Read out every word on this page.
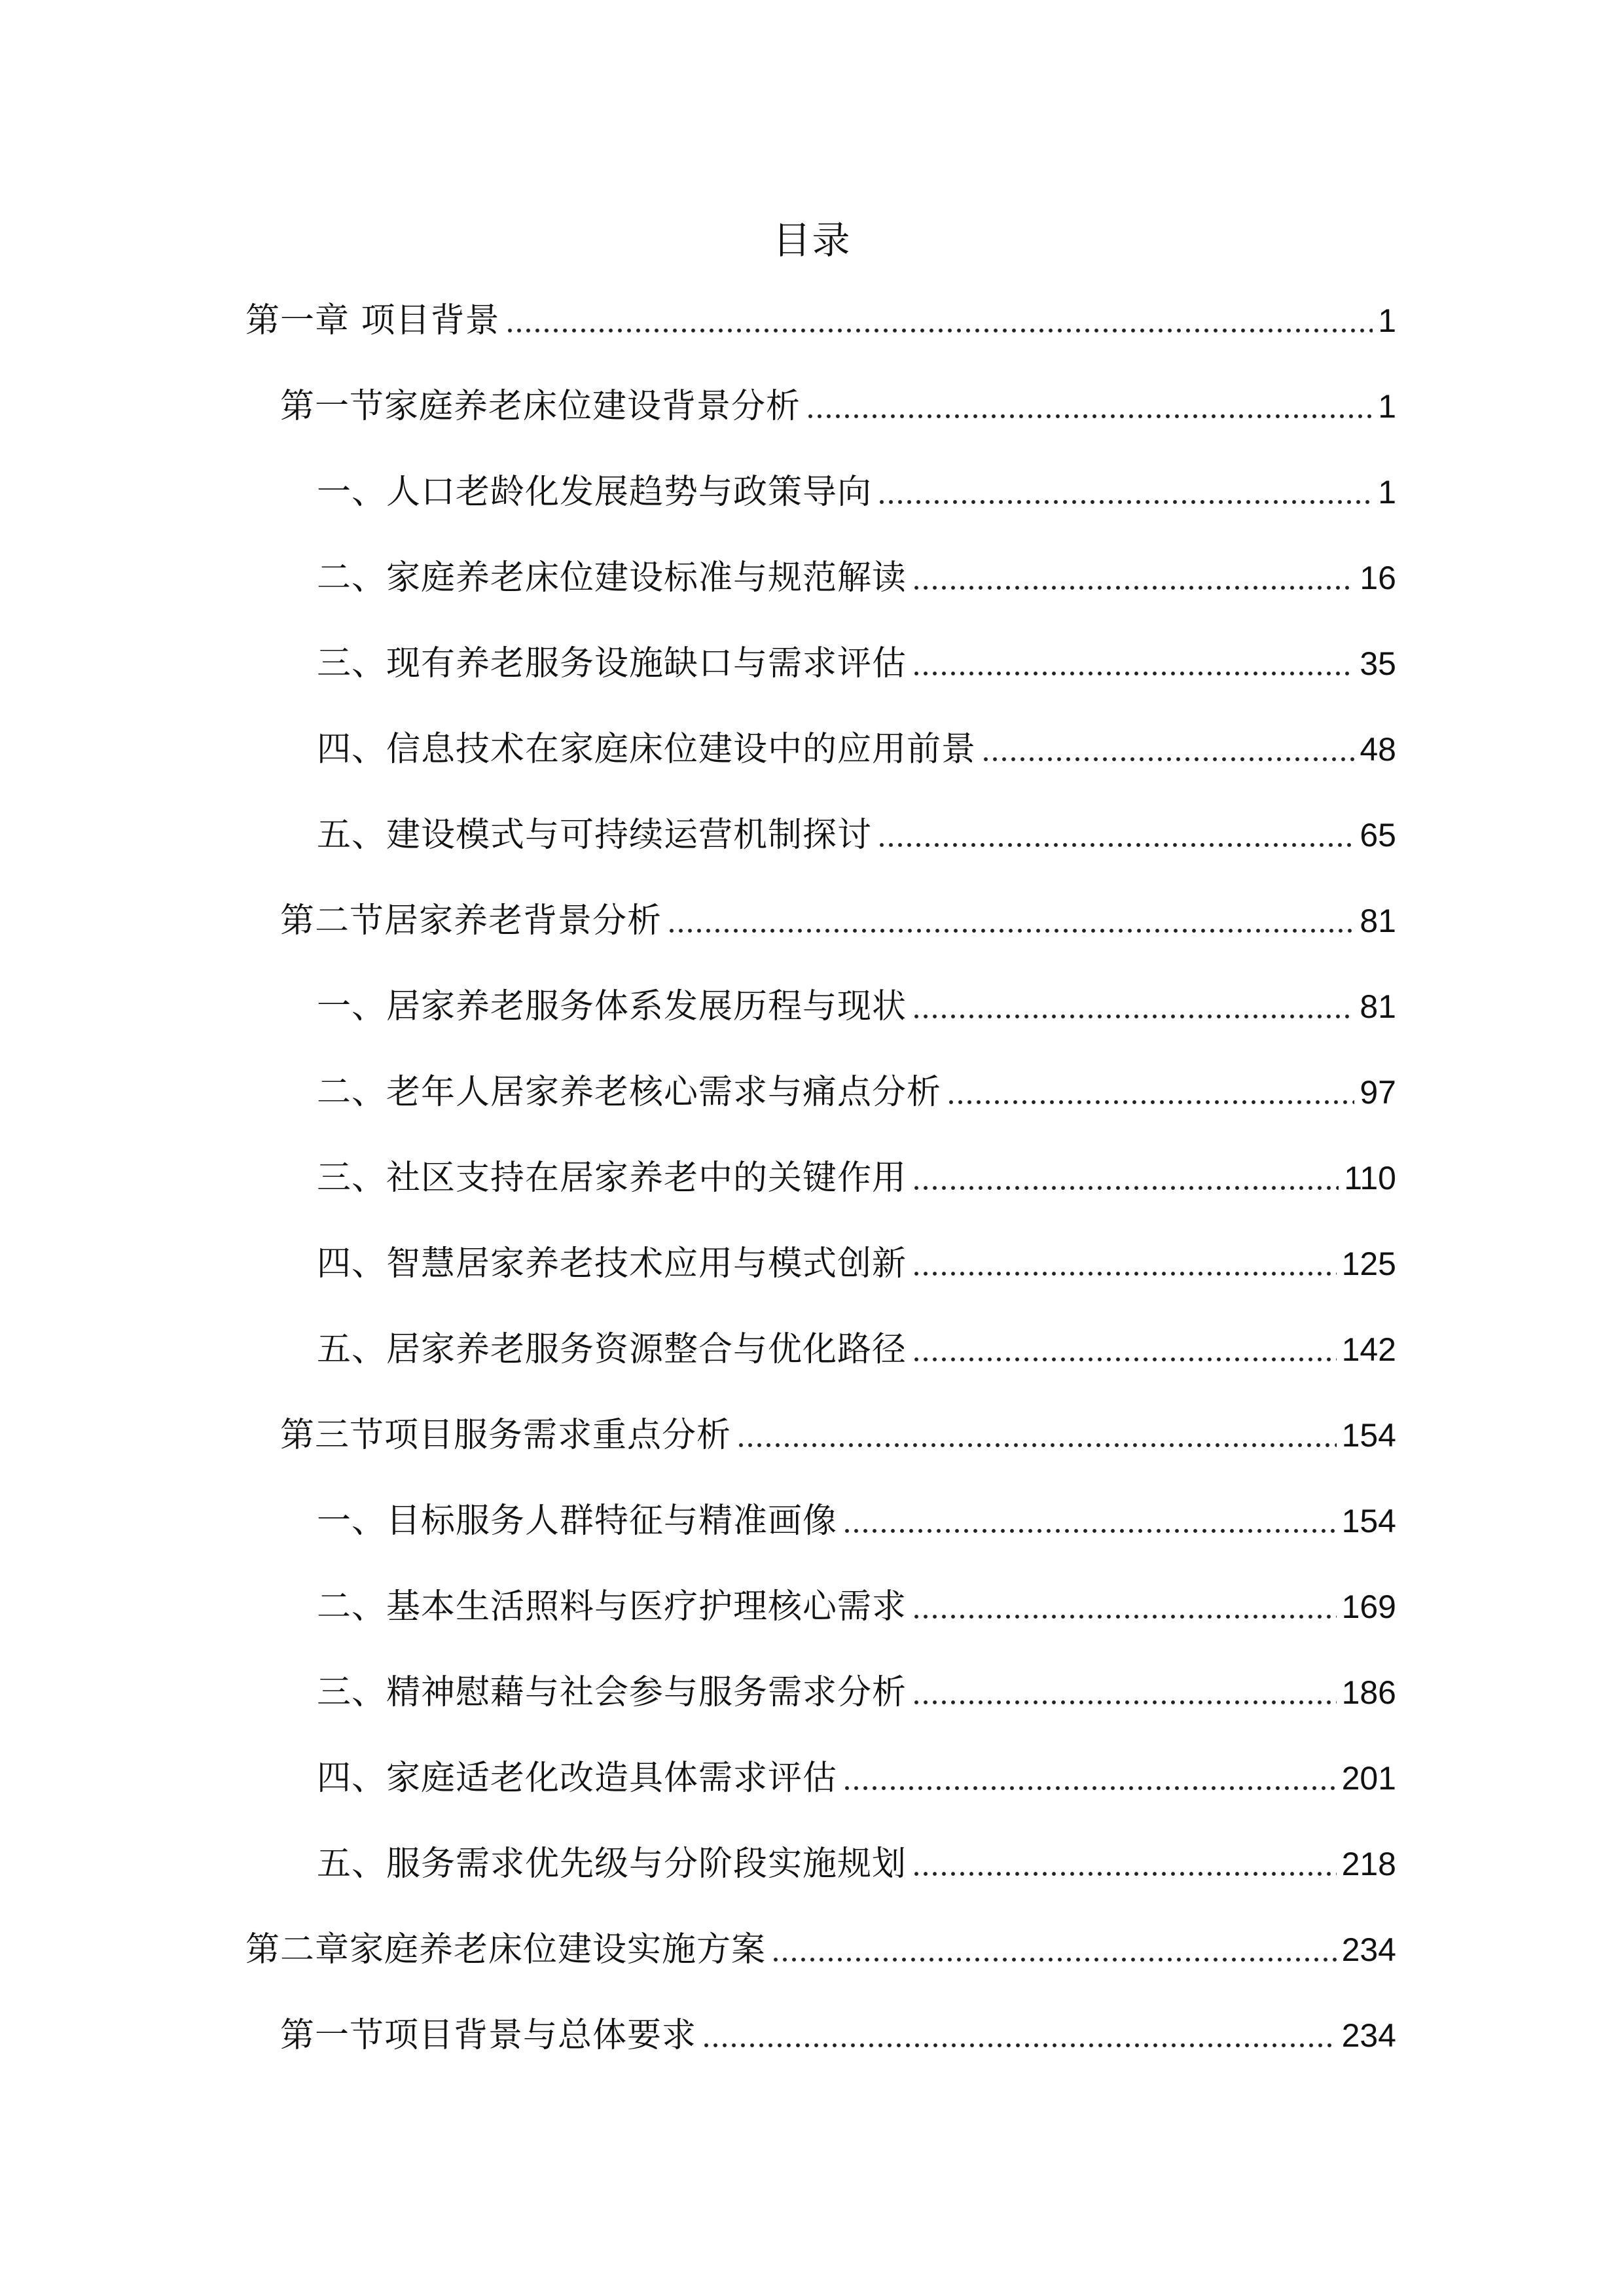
目录
第一章 项目背景	1
第一节家庭养老床位建设背景分析	1
一、人口老龄化发展趋势与政策导向	1
二、家庭养老床位建设标准与规范解读	16
三、现有养老服务设施缺口与需求评估	35
四、信息技术在家庭床位建设中的应用前景	48
五、建设模式与可持续运营机制探讨	65
第二节居家养老背景分析	81
一、居家养老服务体系发展历程与现状	81
二、老年人居家养老核心需求与痛点分析	97
三、社区支持在居家养老中的关键作用	110
四、智慧居家养老技术应用与模式创新	125
五、居家养老服务资源整合与优化路径	142
第三节项目服务需求重点分析	154
一、目标服务人群特征与精准画像	154
二、基本生活照料与医疗护理核心需求	169
三、精神慰藉与社会参与服务需求分析	186
四、家庭适老化改造具体需求评估	201
五、服务需求优先级与分阶段实施规划	218
第二章家庭养老床位建设实施方案	234
第一节项目背景与总体要求	234
